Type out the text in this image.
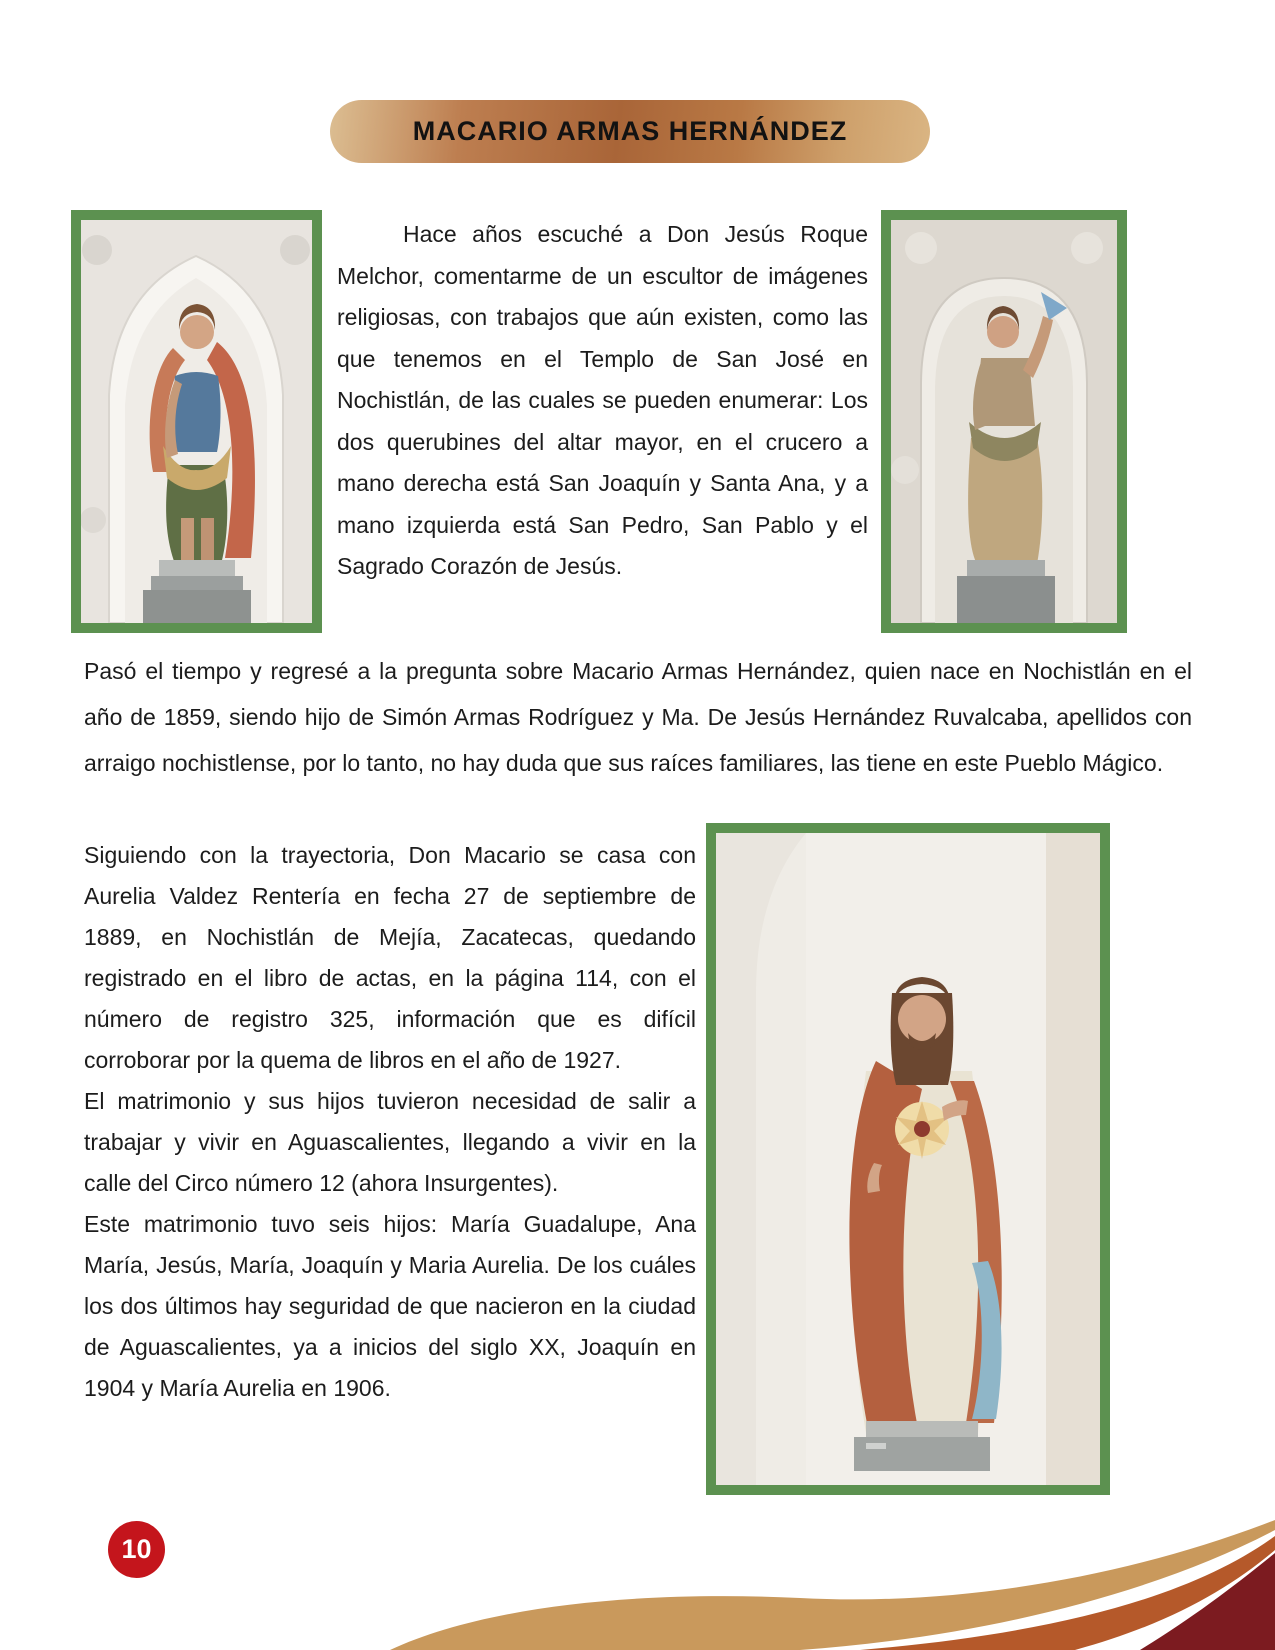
MACARIO ARMAS HERNÁNDEZ

Hace años escuché a Don Jesús Roque Melchor, comentarme de un escultor de imágenes religiosas, con trabajos que aún existen, como las que tenemos en el Templo de San José en Nochistlán, de las cuales se pueden enumerar: Los dos querubines del altar mayor, en el crucero a mano derecha está San Joaquín y Santa Ana, y a mano izquierda está San Pedro, San Pablo y el Sagrado Corazón de Jesús.

Pasó el tiempo y regresé a la pregunta sobre Macario Armas Hernández, quien nace en Nochistlán en el año de 1859, siendo hijo de Simón Armas Rodríguez y Ma. De Jesús Hernández Ruvalcaba, apellidos con arraigo nochistlense, por lo tanto, no hay duda que sus raíces familiares, las tiene en este Pueblo Mágico.

Siguiendo con la trayectoria, Don Macario se casa con Aurelia Valdez Rentería en fecha 27 de septiembre de 1889, en Nochistlán de Mejía, Zacatecas, quedando registrado en el libro de actas, en la página 114, con el número de registro 325, información que es difícil corroborar por la quema de libros en el año de 1927.

El matrimonio y sus hijos tuvieron necesidad de salir a trabajar y vivir en Aguascalientes, llegando a vivir en la calle del Circo número 12 (ahora Insurgentes).

Este matrimonio tuvo seis hijos: María Guadalupe, Ana María, Jesús, María, Joaquín y Maria Aurelia. De los cuáles los dos últimos hay seguridad de que nacieron en la ciudad de Aguascalientes, ya a inicios del siglo XX, Joaquín en 1904 y María Aurelia en 1906.

10
